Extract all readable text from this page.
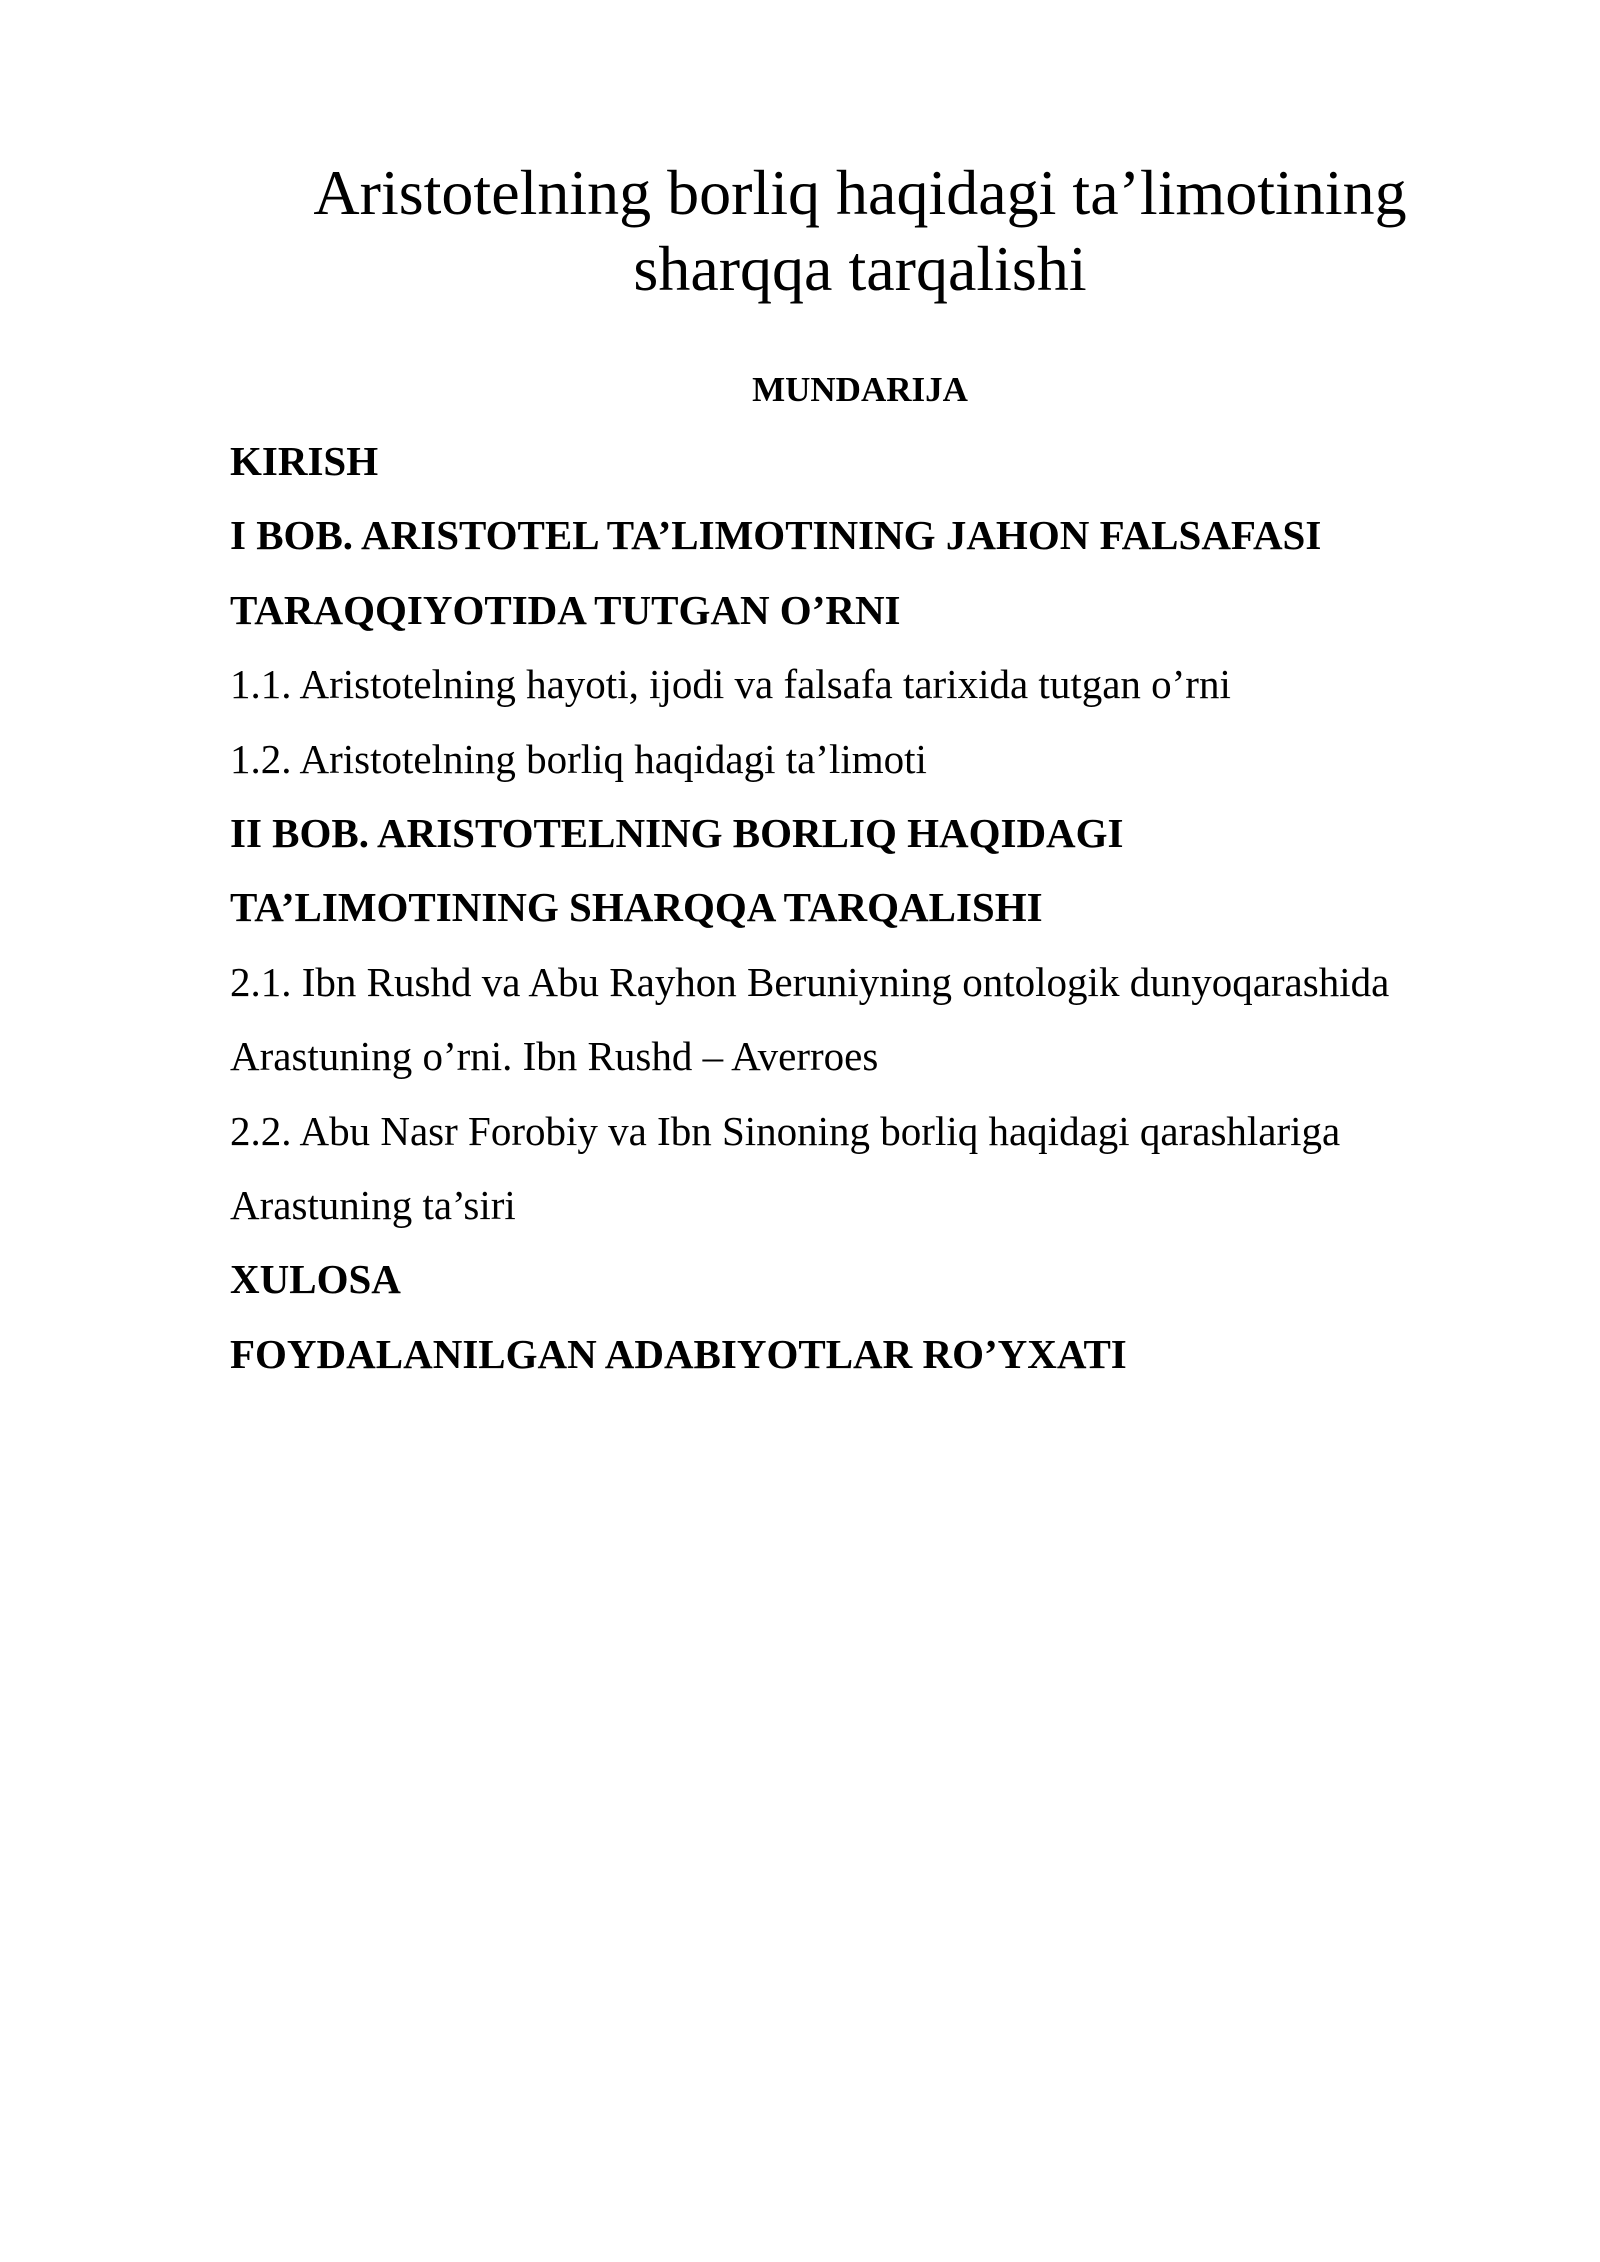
Aristotelning borliq haqidagi ta’limotining
sharqqa tarqalishi
MUNDARIJA
KIRISH
I BOB. ARISTOTEL TA’LIMOTINING JAHON FALSAFASI
TARAQQIYOTIDA TUTGAN O’RNI
1.1. Aristotelning hayoti, ijodi va falsafa tarixida tutgan o’rni
1.2. Aristotelning borliq haqidagi ta’limoti
II BOB. ARISTOTELNING BORLIQ HAQIDAGI
TA’LIMOTINING SHARQQA TARQALISHI
2.1. Ibn Rushd va Abu Rayhon Beruniyning ontologik dunyoqarashida
Arastuning o’rni. Ibn Rushd – Averroes
2.2. Abu Nasr Forobiy va Ibn Sinoning borliq haqidagi qarashlariga
Arastuning ta’siri
XULOSA
FOYDALANILGAN ADABIYOTLAR RO’YXATI
